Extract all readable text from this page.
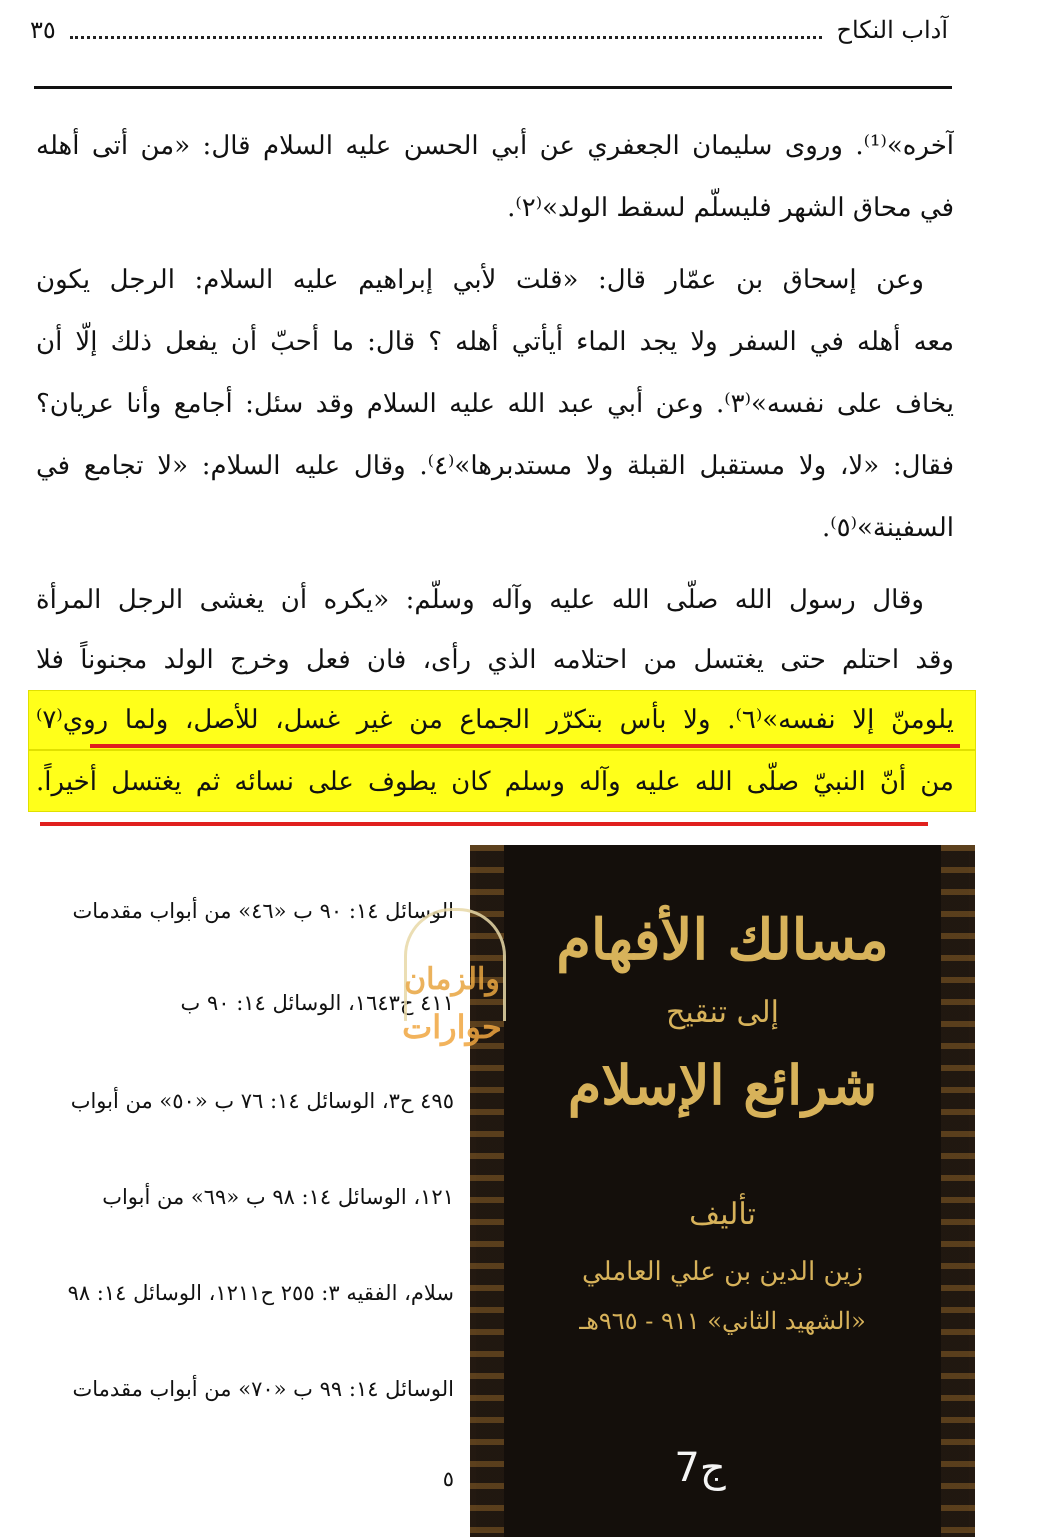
آداب النكاح
٣٥
آخره»⁽¹⁾. وروى سليمان الجعفري عن أبي الحسن عليه السلام قال: «من أتى أهله
في محاق الشهر فليسلّم لسقط الولد»⁽٢⁾.
وعن إسحاق بن عمّار قال: «قلت لأبي إبراهيم عليه السلام: الرجل يكون
معه أهله في السفر ولا يجد الماء أيأتي أهله ؟ قال: ما أحبّ أن يفعل ذلك إلّا أن
يخاف على نفسه»⁽٣⁾. وعن أبي عبد الله عليه السلام وقد سئل: أجامع وأنا عريان؟
فقال: «لا، ولا مستقبل القبلة ولا مستدبرها»⁽٤⁾. وقال عليه السلام: «لا تجامع في
السفينة»⁽٥⁾.
وقال رسول الله صلّى الله عليه وآله وسلّم: «يكره أن يغشى الرجل المرأة
وقد احتلم حتى يغتسل من احتلامه الذي رأى، فان فعل وخرج الولد مجنوناً فلا
يلومنّ إلا نفسه»⁽٦⁾. ولا بأس بتكرّر الجماع من غير غسل، للأصل، ولما روي⁽٧⁾
من أنّ النبيّ صلّى الله عليه وآله وسلم كان يطوف على نسائه ثم يغتسل أخيراً.
الوسائل ١٤: ٩٠ ب «٤٦» من أبواب مقدمات
٤١١ ح١٦٤٣، الوسائل ١٤: ٩٠ ب
٤٩٥ ح٣، الوسائل ١٤: ٧٦ ب «٥٠» من أبواب
١٢١، الوسائل ١٤: ٩٨ ب «٦٩» من أبواب
سلام، الفقيه ٣: ٢٥٥ ح١٢١١، الوسائل ١٤: ٩٨
الوسائل ١٤: ٩٩ ب «٧٠» من أبواب مقدمات
٥
مسالك الأفهام
إلى تنقيح
شرائع الإسلام
تأليف
زين الدين بن علي العاملي
«الشهيد الثاني» ٩١١ - ٩٦٥هـ
ج7
والزمان
حوارات
